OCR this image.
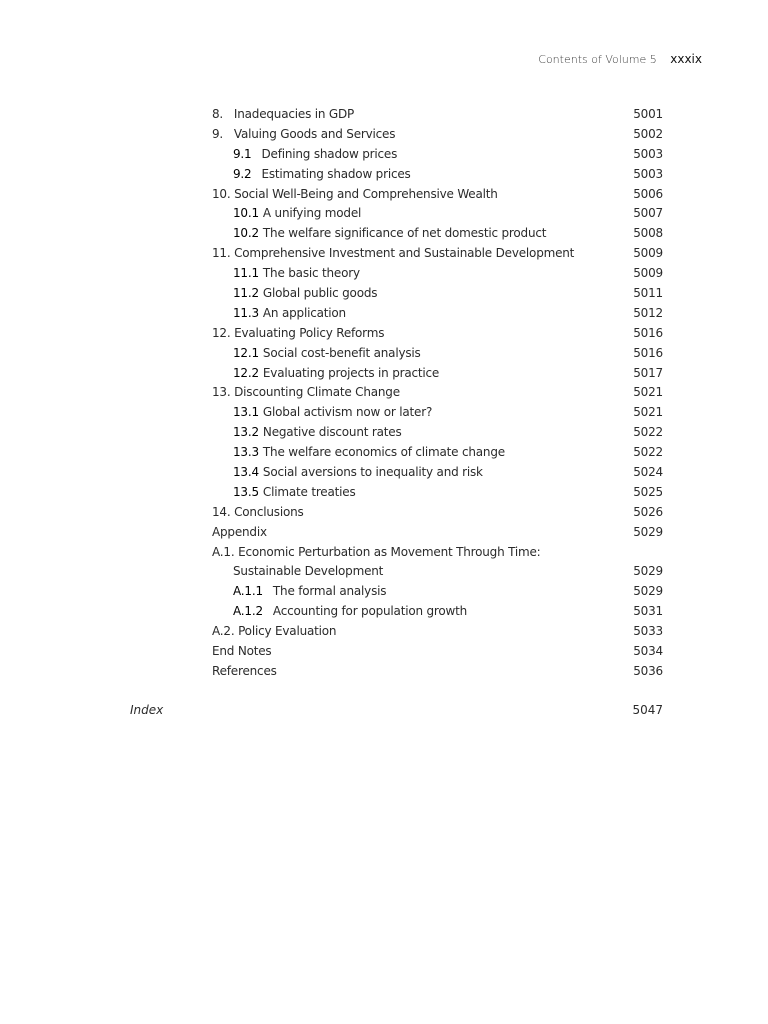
Contents of Volume 5 xxxix
8.   Inadequacies in GDP	5001
9.   Valuing Goods and Services	5002
9.1 Defining shadow prices	5003
9.2 Estimating shadow prices	5003
10. Social Well-Being and Comprehensive Wealth	5006
10.1 A unifying model	5007
10.2 The welfare significance of net domestic product	5008
11. Comprehensive Investment and Sustainable Development	5009
11.1 The basic theory	5009
11.2 Global public goods	5011
11.3 An application	5012
12. Evaluating Policy Reforms	5016
12.1 Social cost-benefit analysis	5016
12.2 Evaluating projects in practice	5017
13. Discounting Climate Change	5021
13.1 Global activism now or later?	5021
13.2 Negative discount rates	5022
13.3 The welfare economics of climate change	5022
13.4 Social aversions to inequality and risk	5024
13.5 Climate treaties	5025
14. Conclusions	5026
Appendix	5029
A.1. Economic Perturbation as Movement Through Time:
Sustainable Development	5029
A.1.1 The formal analysis	5029
A.1.2 Accounting for population growth	5031
A.2. Policy Evaluation	5033
End Notes	5034
References	5036
Index	5047
